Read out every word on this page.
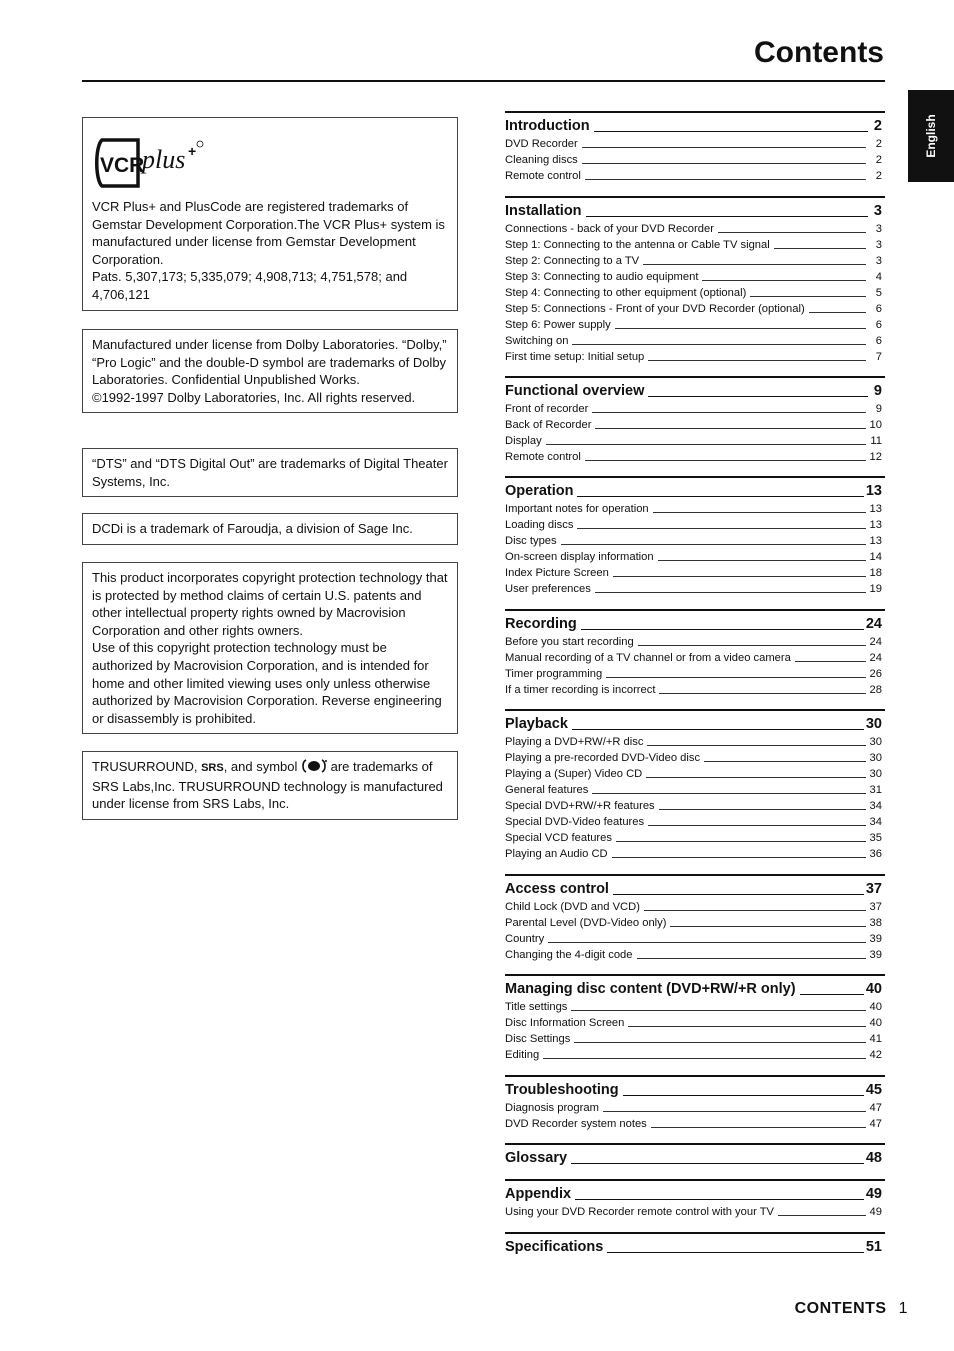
Contents
English
VCR
plus +

VCR Plus+ and PlusCode are registered trademarks of Gemstar Development Corporation.The VCR Plus+ system is manufactured under license from Gemstar Development Corporation.

Pats. 5,307,173; 5,335,079; 4,908,713; 4,751,578; and 4,706,121

Manufactured under license from Dolby Laboratories. “Dolby,” “Pro Logic” and the double-D symbol are trademarks of Dolby Laboratories. Confidential Unpublished Works.

©1992-1997 Dolby Laboratories, Inc. All rights reserved.

“DTS” and “DTS Digital Out” are trademarks of Digital Theater Systems, Inc.

DCDi is a trademark of Faroudja, a division of Sage Inc.

This product incorporates copyright protection technology that is protected by method claims of certain U.S. patents and other intellectual property rights owned by Macrovision Corporation and other rights owners.

Use of this copyright protection technology must be authorized by Macrovision Corporation, and is intended for home and other limited viewing uses only unless otherwise authorized by Macrovision Corporation. Reverse engineering or disassembly is prohibited.

TRUSURROUND, SRS, and symbol  are trademarks of SRS Labs,Inc. TRUSURROUND technology is manufactured under license from SRS Labs, Inc.

Introduction	2
DVD Recorder	2
Cleaning discs	2
Remote control	2
Installation	3
Connections - back of your DVD Recorder	3
Step 1: Connecting to the antenna or Cable TV signal	3
Step 2: Connecting to a TV	3
Step 3: Connecting to audio equipment	4
Step 4: Connecting to other equipment (optional)	5
Step 5: Connections - Front of your DVD Recorder (optional)	6
Step 6: Power supply	6
Switching on	6
First time setup: Initial setup	7
Functional overview	9
Front of recorder	9
Back of Recorder	10
Display	11
Remote control	12
Operation	13
Important notes for operation	13
Loading discs	13
Disc types	13
On-screen display information	14
Index Picture Screen	18
User preferences	19
Recording	24
Before you start recording	24
Manual recording of a TV channel or from a video camera	24
Timer programming	26
If a timer recording is incorrect	28
Playback	30
Playing a DVD+RW/+R disc	30
Playing a pre-recorded DVD-Video disc	30
Playing a (Super) Video CD	30
General features	31
Special DVD+RW/+R features	34
Special DVD-Video features	34
Special VCD features	35
Playing an Audio CD	36
Access control	37
Child Lock (DVD and VCD)	37
Parental Level (DVD-Video only)	38
Country	39
Changing the 4-digit code	39
Managing disc content (DVD+RW/+R only)	40
Title settings	40
Disc Information Screen	40
Disc Settings	41
Editing	42
Troubleshooting	45
Diagnosis program	47
DVD Recorder system notes	47
Glossary	48
Appendix	49
Using your DVD Recorder remote control with your TV	49
Specifications	51
CONTENTS 1
